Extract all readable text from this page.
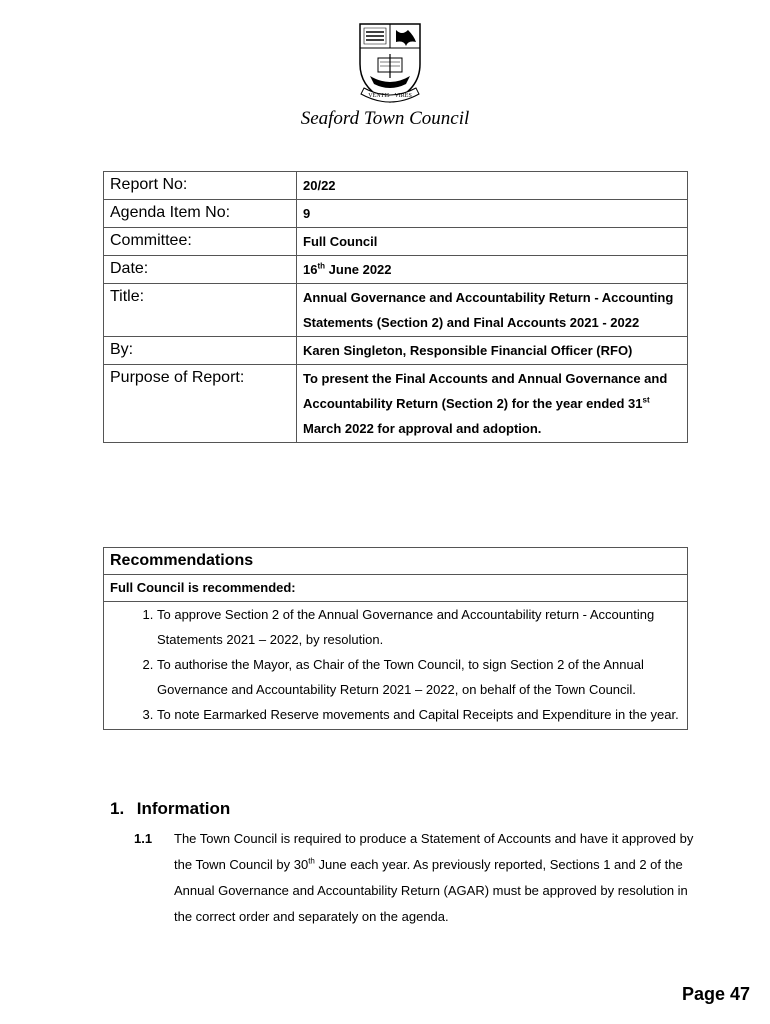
VENTIS · VIRES
Seaford Town Council
Report No:	20/22
Agenda Item No:	9
Committee:	Full Council
Date:	16th June 2022
Title:	Annual Governance and Accountability Return - Accounting Statements (Section 2) and Final Accounts 2021 - 2022
By:	Karen Singleton, Responsible Financial Officer (RFO)
Purpose of Report:	To present the Final Accounts and Annual Governance and Accountability Return (Section 2) for the year ended 31st March 2022 for approval and adoption.
Recommendations
Full Council is recommended:

1. To approve Section 2 of the Annual Governance and Accountability return - Accounting Statements 2021 – 2022, by resolution.
2. To authorise the Mayor, as Chair of the Town Council, to sign Section 2 of the Annual Governance and Accountability Return 2021 – 2022, on behalf of the Town Council.
3. To note Earmarked Reserve movements and Capital Receipts and Expenditure in the year.
1. Information
1.1 The Town Council is required to produce a Statement of Accounts and have it approved by the Town Council by 30th June each year. As previously reported, Sections 1 and 2 of the Annual Governance and Accountability Return (AGAR) must be approved by resolution in the correct order and separately on the agenda.
Page 47
